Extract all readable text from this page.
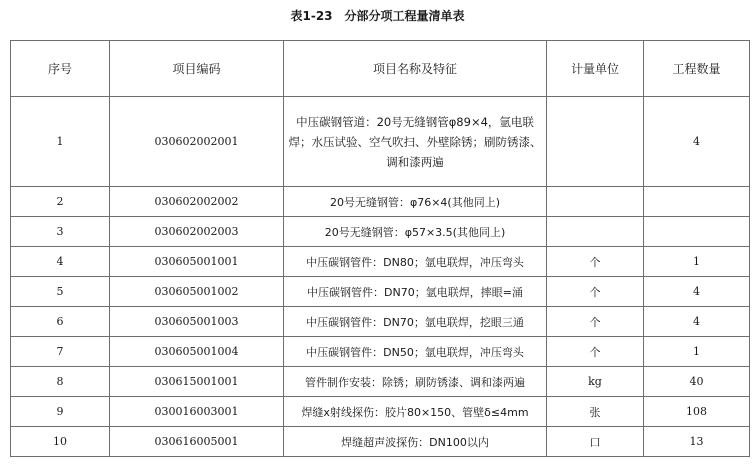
表1-23　分部分项工程量清单表
序号	项目编码	项目名称及特征	计量单位	工程数量
1	030602002001	中压碳钢管道：20号无缝钢管φ89×4，氩电联焊；水压试验、空气吹扫、外壁除锈；刷防锈漆、调和漆两遍		4
2	030602002002	20号无缝钢管：φ76×4(其他同上)		
3	030602002003	20号无缝钢管：φ57×3.5(其他同上)		
4	030605001001	中压碳钢管件：DN80；氩电联焊，冲压弯头	个	1
5	030605001002	中压碳钢管件：DN70；氩电联焊，摔眼=涌	个	4
6	030605001003	中压碳钢管件：DN70；氩电联焊，挖眼三通	个	4
7	030605001004	中压碳钢管件：DN50；氩电联焊，冲压弯头	个	1
8	030615001001	管件制作安装：除锈；刷防锈漆、调和漆两遍	kg	40
9	030016003001	焊缝x射线探伤：胶片80×150、管壁δ≤4mm	张	108
10	030616005001	焊缝超声波探伤：DN100以内	口	13
